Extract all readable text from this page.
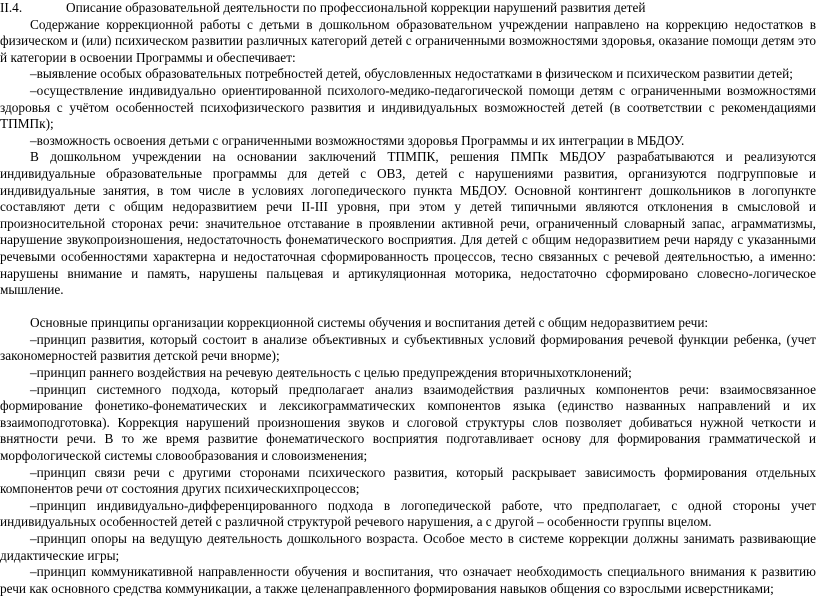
II.4.	Описание образовательной деятельности по профессиональной коррекции нарушений развития детей

Содержание коррекционной работы с детьми в дошкольном образовательном учреждении направлено на коррекцию недостатков в физическом и (или) психическом развитии различных категорий детей с ограниченными возможностями здоровья, оказание помощи детям это й категории в освоении Программы и обеспечивает:

–выявление особых образовательных потребностей детей, обусловленных недостатками в физическом и психическом развитии детей;

–осуществление индивидуально ориентированной психолого-медико-педагогической помощи детям с ограниченными возможностями здоровья с учётом особенностей психофизического развития и индивидуальных возможностей детей (в соответствии с рекомендациями ТПМПк);

–возможность освоения детьми с ограниченными возможностями здоровья Программы и их интеграции в МБДОУ.

В дошкольном учреждении на основании заключений ТПМПК, решения ПМПк МБДОУ разрабатываются и реализуются индивидуальные образовательные программы для детей с ОВЗ, детей с нарушениями развития, организуются подгрупповые и индивидуальные занятия, в том числе в условиях логопедического пункта МБДОУ. Основной контингент дошкольников в логопункте составляют дети с общим недоразвитием речи II-III уровня, при этом у детей типичными являются отклонения в смысловой и произносительной сторонах речи: значительное отставание в проявлении активной речи, ограниченный словарный запас, аграмматизмы, нарушение звукопроизношения, недостаточность фонематического восприятия. Для детей с общим недоразвитием речи наряду с указанными речевыми особенностями характерна и недостаточная сформированность процессов, тесно связанных с речевой деятельностью, а именно: нарушены внимание и память, нарушены пальцевая и артикуляционная моторика, недостаточно сформировано словесно-логическое мышление.

Основные принципы организации коррекционной системы обучения и воспитания детей с общим недоразвитием речи:

–принцип развития, который состоит в анализе объективных и субъективных условий формирования речевой функции ребенка, (учет закономерностей развития детской речи вноpме);

–принцип раннего воздействия на речевую деятельность с целью предупреждения вторичныхотклонений;

–принцип системного подхода, который предполагает анализ взаимодействия различных компонентов речи: взаимосвязанное формирование фонетико-фонематических и лексикограмматических компонентов языка (единство названных направлений и их взаимоподготовка). Коррекция нарушений произношения звуков и слоговой структуры слов позволяет добиваться нужной четкости и внятности речи. В то же время развитие фонематического восприятия подготавливает основу для формирования грамматической и морфологической системы словообразования и словоизменения;

–принцип связи речи с другими сторонами психического развития, который раскрывает зависимость формирования отдельных компонентов речи от состояния других психическихпроцессов;

–принцип индивидуально-дифференцированного подхода в логопедической работе, что предполагает, с одной стороны учет индивидуальных особенностей детей с различной структурой речевого нарушения, а с другой – особенности группы вцелом.

–принцип опоры на ведущую деятельность дошкольного возраста. Особое место в системе коррекции должны занимать развивающие дидактические игры;

–принцип коммуникативной направленности обучения и воспитания, что означает необходимость специального внимания к развитию речи как основного средства коммуникации, а также целенаправленного формирования навыков общения со взрослыми исверстниками;
